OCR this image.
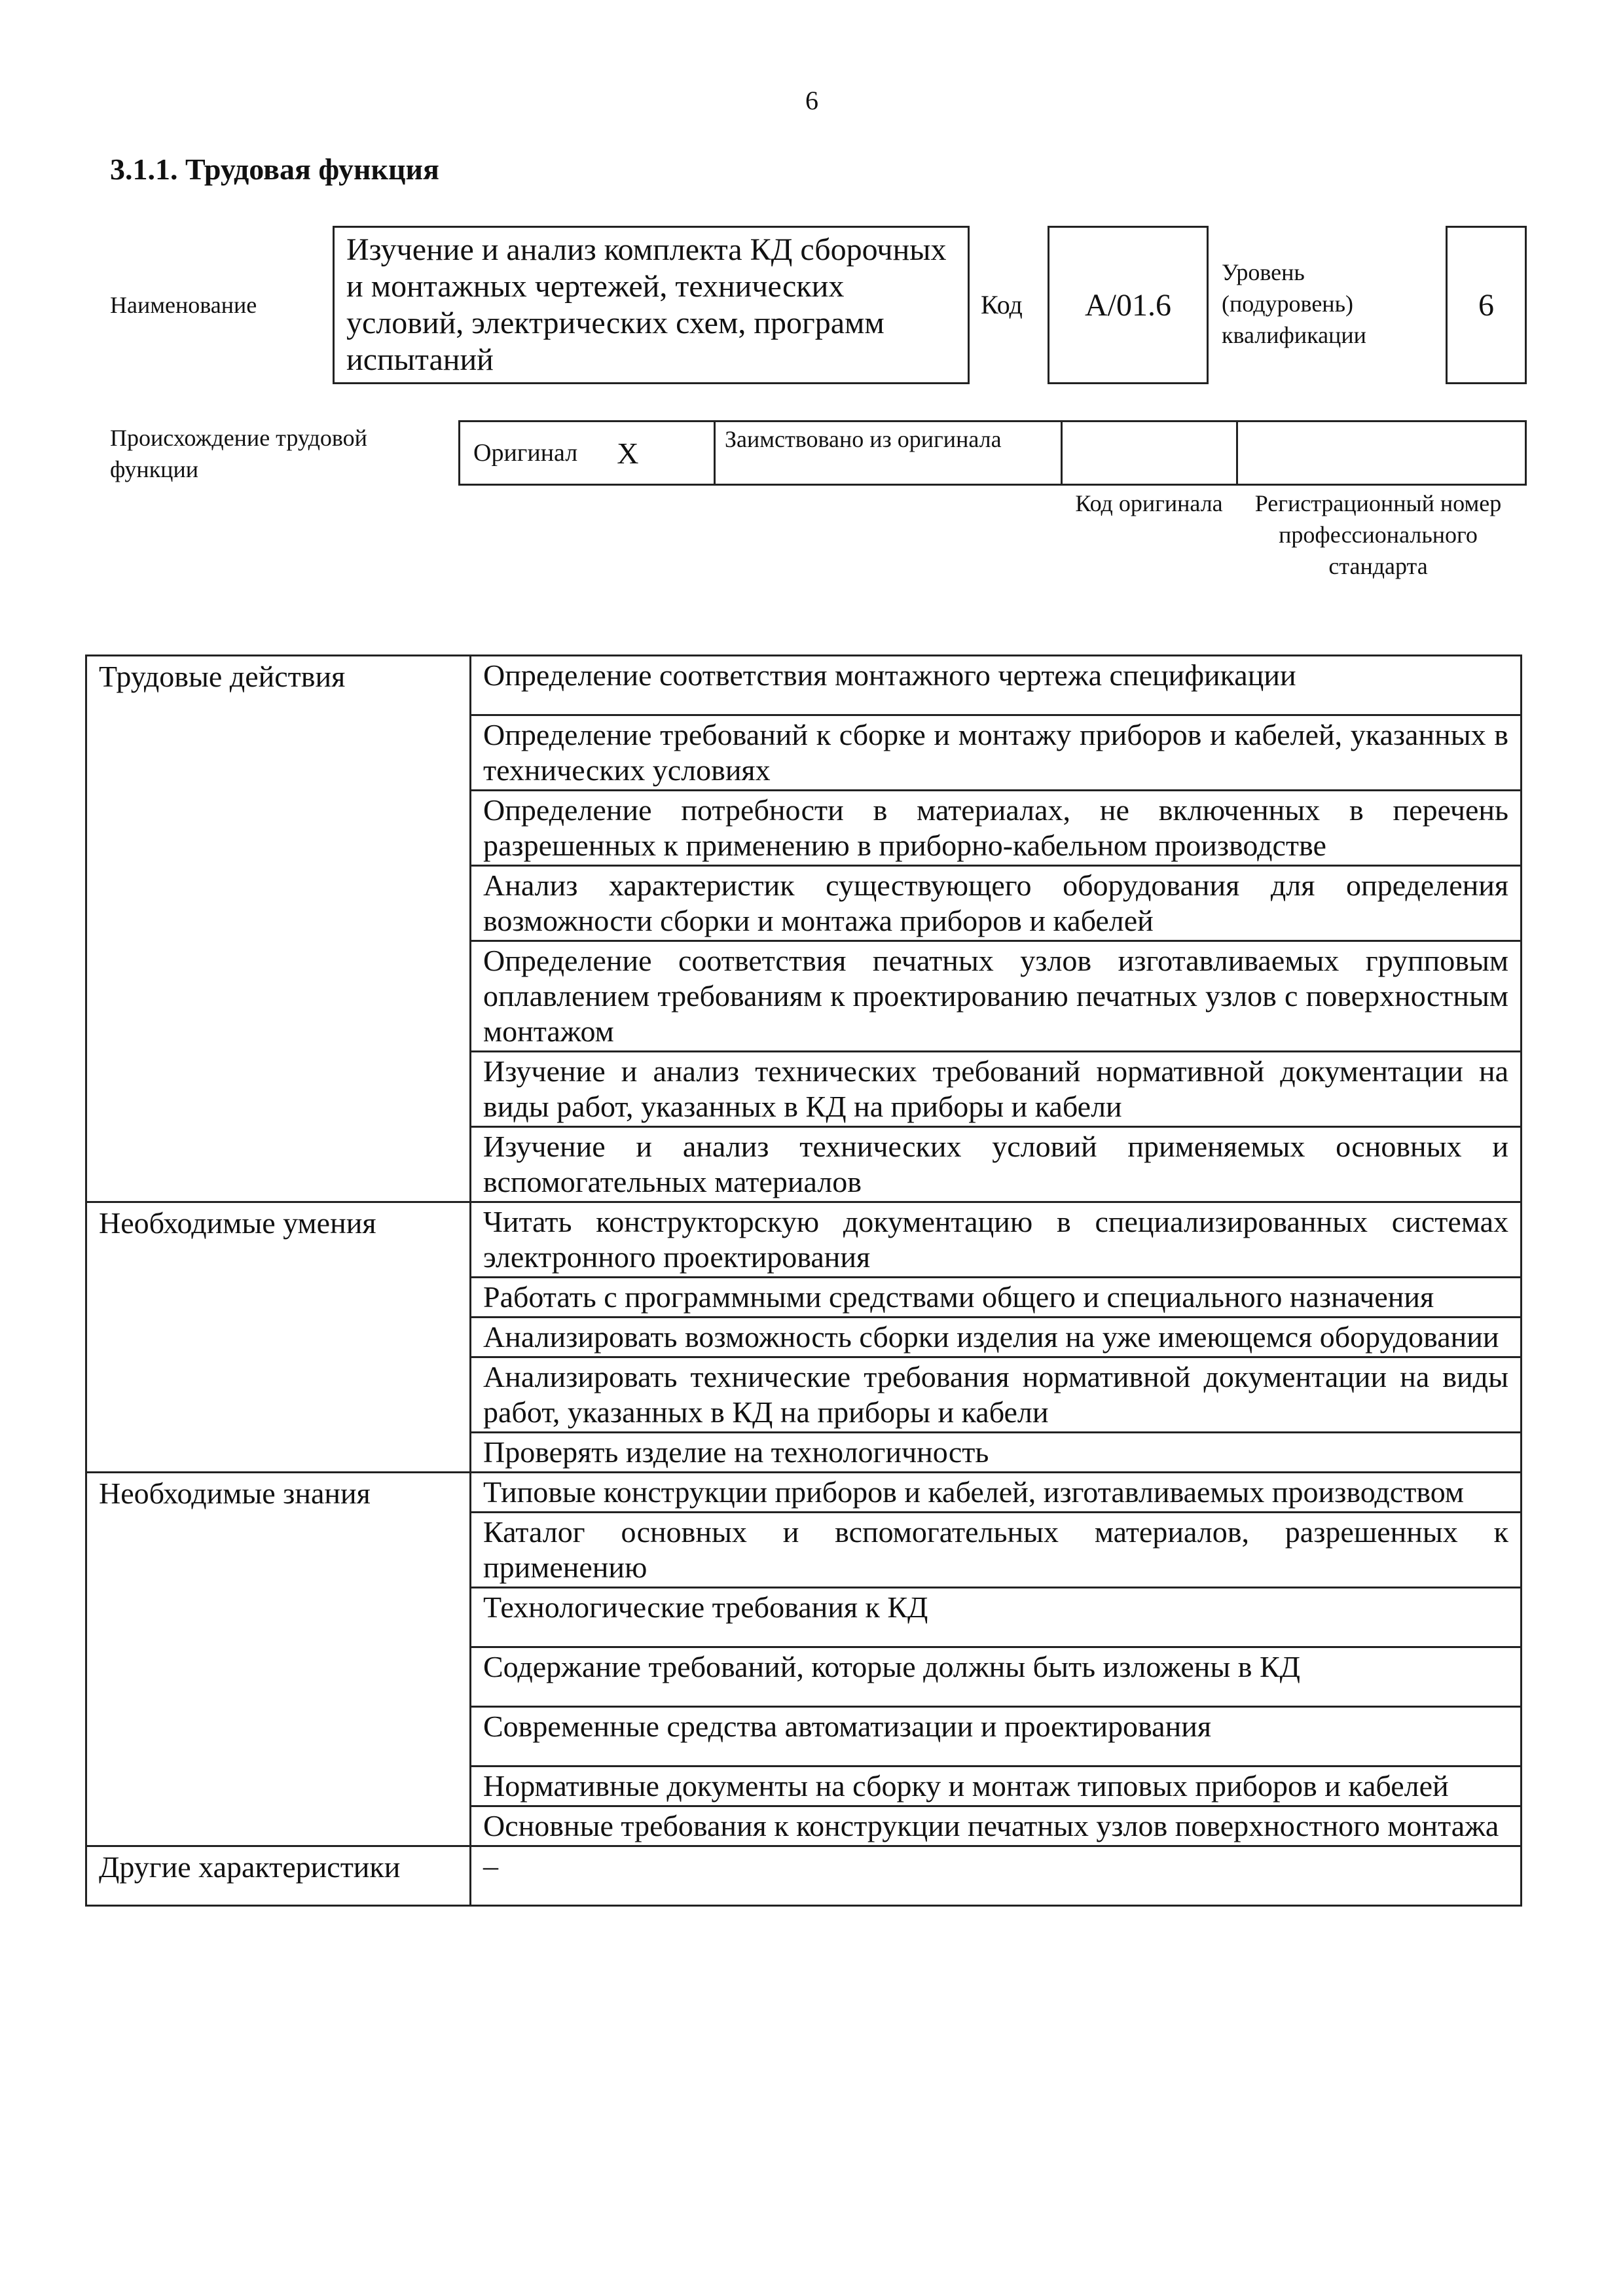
6
3.1.1. Трудовая функция
Наименование
Изучение и анализ комплекта КД сборочных и монтажных чертежей, технических условий, электрических схем, программ испытаний
Код	A/01.6
Уровень (подуровень) квалификации
6
Происхождение трудовой функции
Оригинал X	Заимствовано из оригинала
Код оригинала	Регистрационный номер профессионального стандарта
Трудовые действия	Определение соответствия монтажного чертежа спецификации
	Определение требований к сборке и монтажу приборов и кабелей, указанных в технических условиях
	Определение потребности в материалах, не включенных в перечень разрешенных к применению в приборно-кабельном производстве
	Анализ характеристик существующего оборудования для определения возможности сборки и монтажа приборов и кабелей
	Определение соответствия печатных узлов изготавливаемых групповым оплавлением требованиям к проектированию печатных узлов с поверхностным монтажом
	Изучение и анализ технических требований нормативной документации на виды работ, указанных в КД на приборы и кабели
	Изучение и анализ технических условий применяемых основных и вспомогательных материалов
Необходимые умения	Читать конструкторскую документацию в специализированных системах электронного проектирования
	Работать с программными средствами общего и специального назначения
	Анализировать возможность сборки изделия на уже имеющемся оборудовании
	Анализировать технические требования нормативной документации на виды работ, указанных в КД на приборы и кабели
	Проверять изделие на технологичность
Необходимые знания	Типовые конструкции приборов и кабелей, изготавливаемых производством
	Каталог основных и вспомогательных материалов, разрешенных к применению
	Технологические требования к КД
	Содержание требований, которые должны быть изложены в КД
	Современные средства автоматизации и проектирования
	Нормативные документы на сборку и монтаж типовых приборов и кабелей
	Основные требования к конструкции печатных узлов поверхностного монтажа
Другие характеристики	–
